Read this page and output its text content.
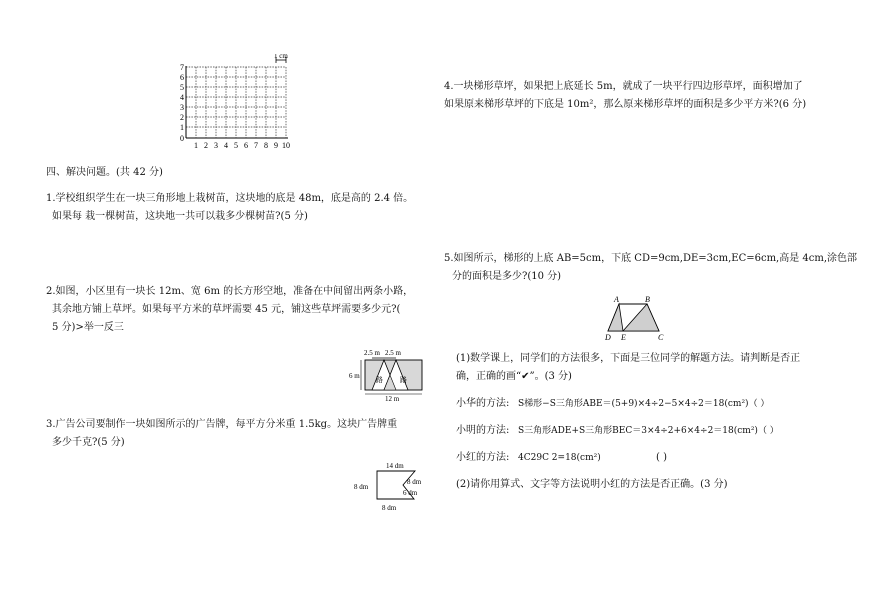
1 cm
7
6
5
4
3
2
1
0
1 2 3 4 5 6 7 8 9 10
四、解决问题。(共 42 分)
1.学校组织学生在一块三角形地上栽树苗，这块地的底是 48m，底是高的 2.4 倍。
如果每 栽一棵树苗，这块地一共可以栽多少棵树苗?(5 分)
2.如图，小区里有一块长 12m、宽 6m 的长方形空地，准备在中间留出两条小路，
其余地方铺上草坪。如果每平方米的草坪需要 45 元，铺这些草坪需要多少元?(
5 分)>举一反三
2.5 m 2.5 m
路 路
6 m
12 m
3.广告公司要制作一块如图所示的广告牌，每平方分米重 1.5kg。这块广告牌重
多少千克?(5 分)
14 dm
8 dm
8 dm
6 dm
8 dm
4.一块梯形草坪，如果把上底延长 5m，就成了一块平行四边形草坪，面积增加了
如果原来梯形草坪的下底是 10m²，那么原来梯形草坪的面积是多少平方米?(6 分)
5.如图所示，梯形的上底 AB=5cm，下底 CD=9cm,DE=3cm,EC=6cm,高是 4cm,涂色部
分的面积是多少?(10 分)
A	B
D E	C
(1)数学课上，同学们的方法很多，下面是三位同学的解题方法。请判断是否正
确，正确的画“✔”。(3 分)
小华的方法: S梯形−S三角形ABE＝(5+9)×4÷2−5×4÷2＝18(cm²)（ ）
小明的方法: S三角形ADE+S三角形BEC＝3×4÷2+6×4÷2＝18(cm²)（ ）
小红的方法: 4C29C 2=18(cm²)	( )
(2)请你用算式、文字等方法说明小红的方法是否正确。(3 分)
